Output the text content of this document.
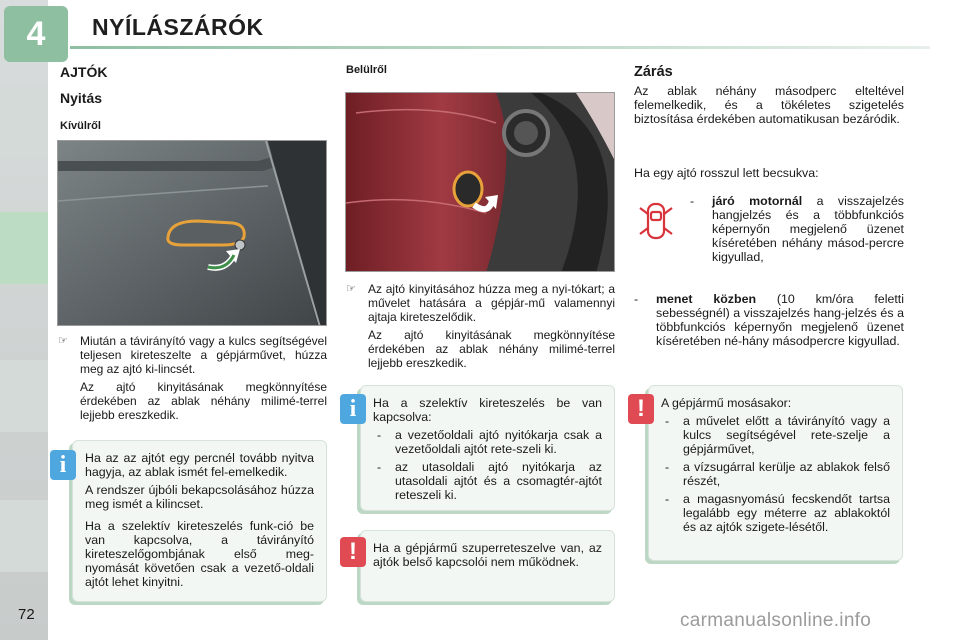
4	NYÍLÁSZÁRÓK
AJTÓK
Nyitás
Kívülről
☞ Miután a távirányító vagy a kulcs segítségével teljesen kireteszelte a gépjárművet, húzza meg az ajtó ki-lincsét.

Az ajtó kinyitásának megkönnyítése érdekében az ablak néhány milimé-terrel lejjebb ereszkedik.

Ha az az ajtót egy percnél tovább nyitva hagyja, az ablak ismét fel-emelkedik.

A rendszer újbóli bekapcsolásához húzza meg ismét a kilincset.

Ha a szelektív kireteszelés funk-ció be van kapcsolva, a távirányító kireteszelőgombjának első meg-nyomását követően csak a vezető-oldali ajtót lehet kinyitni.

i
Belülről
☞ Az ajtó kinyitásához húzza meg a nyi-tókart; a művelet hatására a gépjár-mű valamennyi ajtaja kireteszelődik.

Az ajtó kinyitásának megkönnyítése érdekében az ablak néhány milimé-terrel lejjebb ereszkedik.

Ha a szelektív kireteszelés be van kapcsolva:

- a vezetőoldali ajtó nyitókarja csak a vezetőoldali ajtót rete-szeli ki.
- az utasoldali ajtó nyitókarja az utasoldali ajtót és a csomagtér-ajtót reteszeli ki.
i

Ha a gépjármű szuperreteszelve van, az ajtók belső kapcsolói nem működnek.

!
Zárás
Az ablak néhány másodperc elteltével felemelkedik, és a tökéletes szigetelés biztosítása érdekében automatikusan bezáródik.
Ha egy ajtó rosszul lett becsukva:
- járó motornál a visszajelzés hangjelzés és a többfunkciós képernyőn megjelenő üzenet kíséretében néhány másod-percre kigyullad,
- menet közben (10 km/óra feletti sebességnél) a visszajelzés hang-jelzés és a többfunkciós képernyőn megjelenő üzenet kíséretében né-hány másodpercre kigyullad.

A gépjármű mosásakor:

- a művelet előtt a távirányító vagy a kulcs segítségével rete-szelje a gépjárművet,
- a vízsugárral kerülje az ablakok felső részét,
- a magasnyomású fecskendőt tartsa legalább egy méterre az ablakoktól és az ajtók szigete-lésétől.
!
72	carmanualsonline.info
